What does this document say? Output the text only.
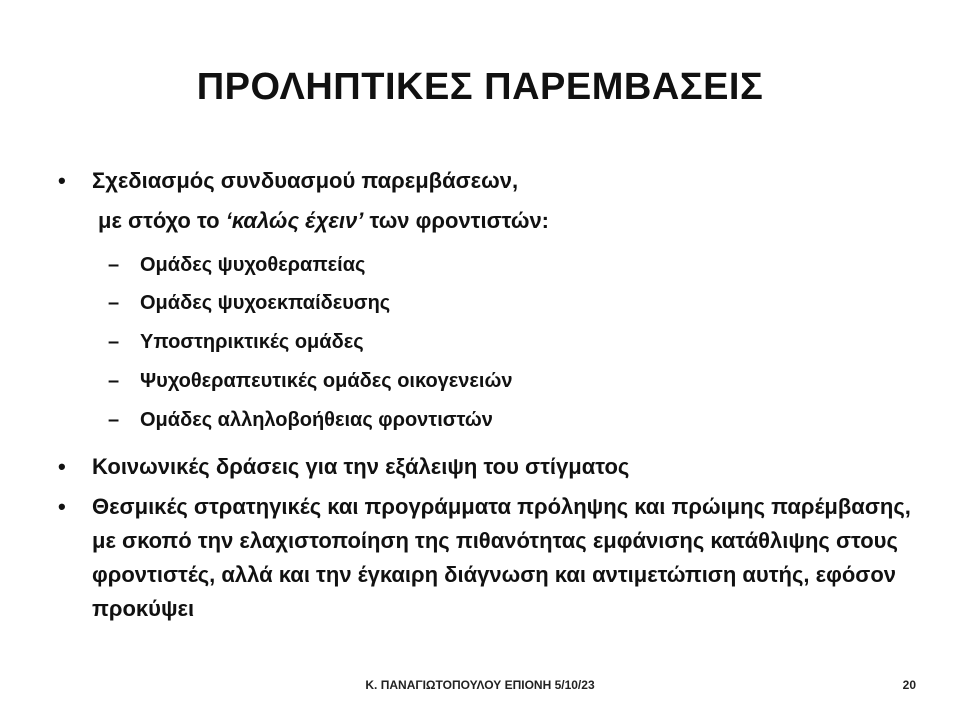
ΠΡΟΛΗΠΤΙΚΕΣ ΠΑΡΕΜΒΑΣΕΙΣ
•	Σχεδιασμός συνδυασμού παρεμβάσεων,
με στόχο το ‘καλώς έχειν’ των φροντιστών:
– Ομάδες ψυχοθεραπείας
– Ομάδες ψυχοεκπαίδευσης
– Υποστηρικτικές ομάδες
– Ψυχοθεραπευτικές ομάδες οικογενειών
– Ομάδες αλληλοβοήθειας φροντιστών
•	Κοινωνικές δράσεις για την εξάλειψη του στίγματος
•	Θεσμικές στρατηγικές και προγράμματα πρόληψης και πρώιμης παρέμβασης, με σκοπό την ελαχιστοποίηση της πιθανότητας εμφάνισης κατάθλιψης στους φροντιστές, αλλά και την έγκαιρη διάγνωση και αντιμετώπιση αυτής, εφόσον προκύψει
Κ. ΠΑΝΑΓΙΩΤΟΠΟΥΛΟΥ ΕΠΙΟΝΗ 5/10/23	20
